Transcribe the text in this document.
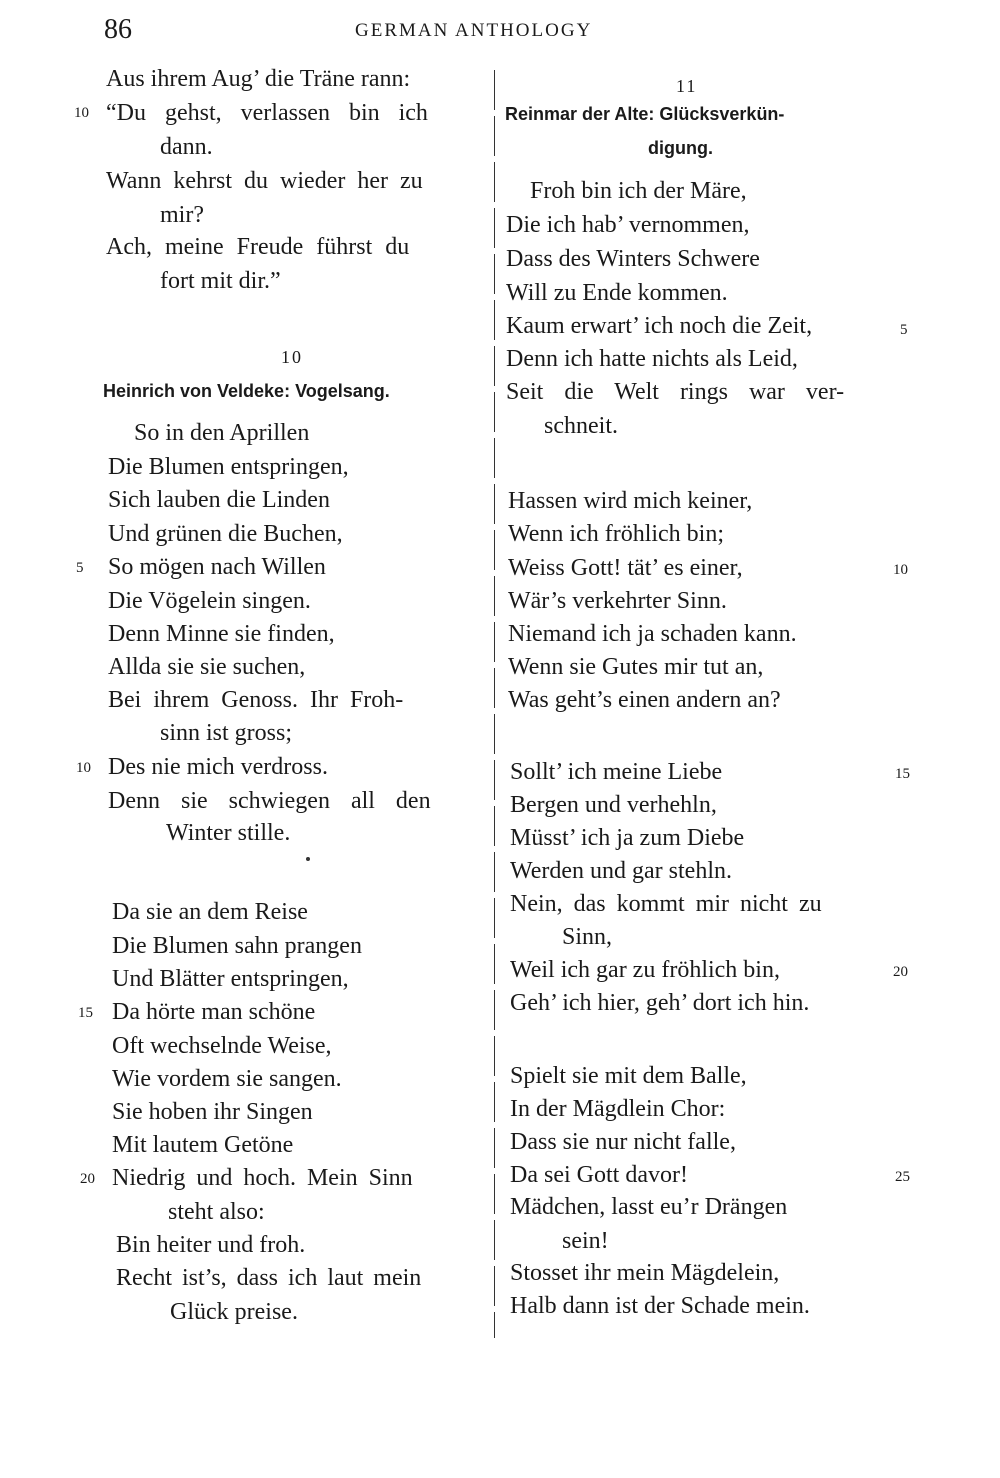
86	GERMAN ANTHOLOGY
Aus ihrem Aug’ die Träne rann:
10 “Du gehst, verlassen bin ich
dann.
Wann kehrst du wieder her zu
mir?
Ach, meine Freude führst du
fort mit dir.”
10
Heinrich von Veldeke: Vogelsang.
So in den Aprillen
Die Blumen entspringen,
Sich lauben die Linden
Und grünen die Buchen,
5 So mögen nach Willen
Die Vögelein singen.
Denn Minne sie finden,
Allda sie sie suchen,
Bei ihrem Genoss. Ihr Froh-
sinn ist gross;
10 Des nie mich verdross.
Denn sie schwiegen all den
Winter stille.
Da sie an dem Reise
Die Blumen sahn prangen
Und Blätter entspringen,
15 Da hörte man schöne
Oft wechselnde Weise,
Wie vordem sie sangen.
Sie hoben ihr Singen
Mit lautem Getöne
20 Niedrig und hoch. Mein Sinn
steht also:
Bin heiter und froh.
Recht ist’s, dass ich laut mein
Glück preise.
11
Reinmar der Alte: Glücksverkün-
digung.
Froh bin ich der Märe,
Die ich hab’ vernommen,
Dass des Winters Schwere
Will zu Ende kommen.
Kaum erwart’ ich noch die Zeit,	5
Denn ich hatte nichts als Leid,
Seit die Welt rings war ver-
schneit.
Hassen wird mich keiner,
Wenn ich fröhlich bin;
Weiss Gott! tät’ es einer,	10
Wär’s verkehrter Sinn.
Niemand ich ja schaden kann.
Wenn sie Gutes mir tut an,
Was geht’s einen andern an?
Sollt’ ich meine Liebe	15
Bergen und verhehln,
Müsst’ ich ja zum Diebe
Werden und gar stehln.
Nein, das kommt mir nicht zu
Sinn,
Weil ich gar zu fröhlich bin,	20
Geh’ ich hier, geh’ dort ich hin.
Spielt sie mit dem Balle,
In der Mägdlein Chor:
Dass sie nur nicht falle,
Da sei Gott davor!	25
Mädchen, lasst eu’r Drängen
sein!
Stosset ihr mein Mägdelein,
Halb dann ist der Schade mein.
